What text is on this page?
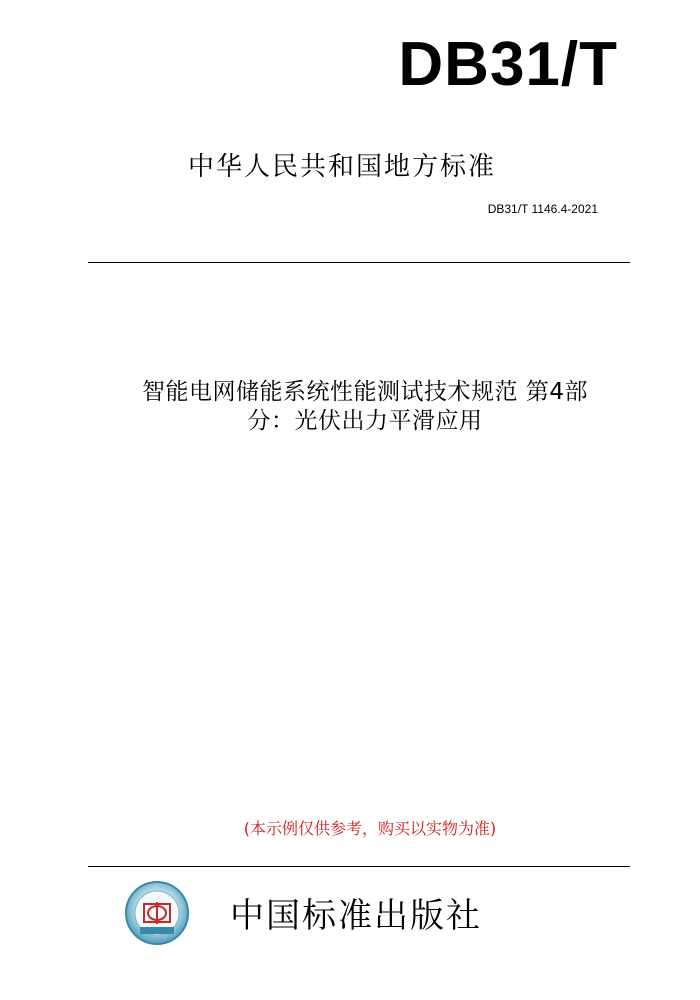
DB31/T
中华人民共和国地方标准
DB31/T 1146.4-2021
智能电网储能系统性能测试技术规范 第4部
分：光伏出力平滑应用
(本示例仅供参考，购买以实物为准)
中国标准出版社
